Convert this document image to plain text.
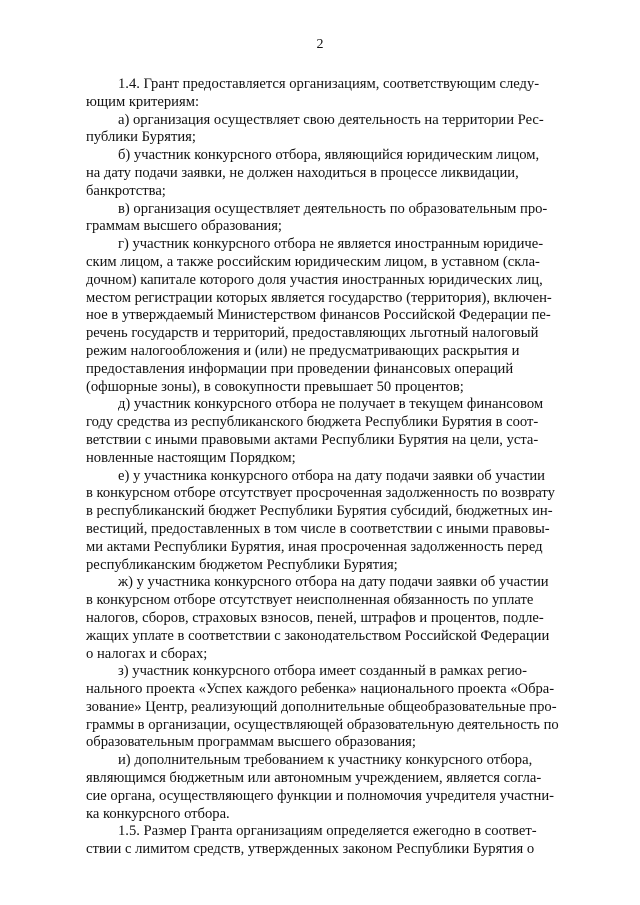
2

1.4. Грант предоставляется организациям, соответствующим следу-
ющим критериям:

а) организация осуществляет свою деятельность на территории Рес-
публики Бурятия;

б) участник конкурсного отбора, являющийся юридическим лицом,
на дату подачи заявки, не должен находиться в процессе ликвидации,
банкротства;

в) организация осуществляет деятельность по образовательным про-
граммам высшего образования;

г) участник конкурсного отбора не является иностранным юридиче-
ским лицом, а также российским юридическим лицом, в уставном (скла-
дочном) капитале которого доля участия иностранных юридических лиц,
местом регистрации которых является государство (территория), включен-
ное в утверждаемый Министерством финансов Российской Федерации пе-
речень государств и территорий, предоставляющих льготный налоговый
режим налогообложения и (или) не предусматривающих раскрытия и
предоставления информации при проведении финансовых операций
(офшорные зоны), в совокупности превышает 50 процентов;

д) участник конкурсного отбора не получает в текущем финансовом
году средства из республиканского бюджета Республики Бурятия в соот-
ветствии с иными правовыми актами Республики Бурятия на цели, уста-
новленные настоящим Порядком;

е) у участника конкурсного отбора на дату подачи заявки об участии
в конкурсном отборе отсутствует просроченная задолженность по возврату
в республиканский бюджет Республики Бурятия субсидий, бюджетных ин-
вестиций, предоставленных в том числе в соответствии с иными правовы-
ми актами Республики Бурятия, иная просроченная задолженность перед
республиканским бюджетом Республики Бурятия;

ж) у участника конкурсного отбора на дату подачи заявки об участии
в конкурсном отборе отсутствует неисполненная обязанность по уплате
налогов, сборов, страховых взносов, пеней, штрафов и процентов, подле-
жащих уплате в соответствии с законодательством Российской Федерации
о налогах и сборах;

з) участник конкурсного отбора имеет созданный в рамках регио-
нального проекта «Успех каждого ребенка» национального проекта «Обра-
зование» Центр, реализующий дополнительные общеобразовательные про-
граммы в организации, осуществляющей образовательную деятельность по
образовательным программам высшего образования;

и) дополнительным требованием к участнику конкурсного отбора,
являющимся бюджетным или автономным учреждением, является согла-
сие органа, осуществляющего функции и полномочия учредителя участни-
ка конкурсного отбора.

1.5. Размер Гранта организациям определяется ежегодно в соответ-
ствии с лимитом средств, утвержденных законом Республики Бурятия о
